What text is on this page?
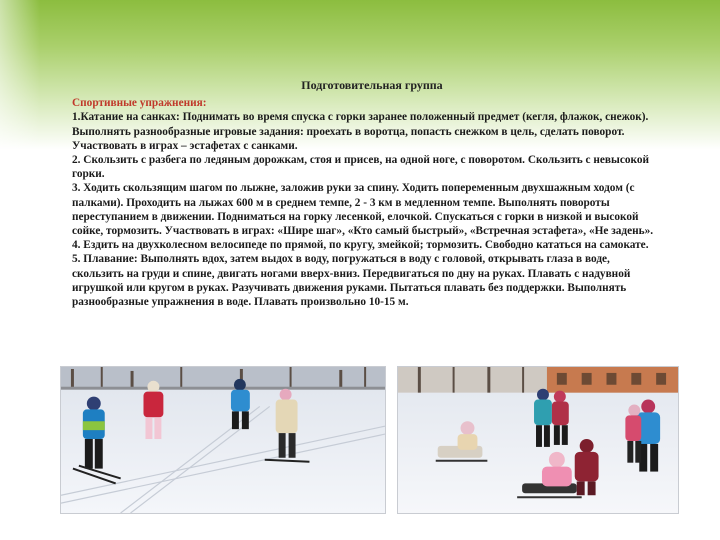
Подготовительная группа
Спортивные упражнения:
1.Катание на санках: Поднимать во время спуска с горки заранее положенный предмет (кегля, флажок, снежок). Выполнять разнообразные игровые задания: проехать в воротца, попасть снежком в цель, сделать поворот. Участвовать в играх – эстафетах с санками.
2. Скользить с разбега по ледяным дорожкам, стоя и присев, на одной ноге, с поворотом. Скользить с невысокой горки.
3. Ходить скользящим шагом по лыжне, заложив руки за спину. Ходить попеременным двухшажным ходом (с палками). Проходить на лыжах 600 м в среднем темпе, 2 - 3 км в медленном темпе. Выполнять повороты переступанием в движении. Подниматься на горку лесенкой, елочкой. Спускаться с горки в низкой и высокой сойке, тормозить. Участвовать в играх: «Шире шаг», «Кто самый быстрый», «Встречная эстафета», «Не задень».
4. Ездить на двухколесном велосипеде по прямой, по кругу, змейкой; тормозить. Свободно кататься на самокате.
5. Плавание: Выполнять вдох, затем выдох в воду, погружаться в воду с головой, открывать глаза в воде, скользить на груди и спине, двигать ногами вверх-вниз. Передвигаться по дну на руках. Плавать с надувной игрушкой или кругом в руках. Разучивать движения руками. Пытаться плавать без поддержки. Выполнять разнообразные упражнения в воде. Плавать произвольно 10-15 м.
